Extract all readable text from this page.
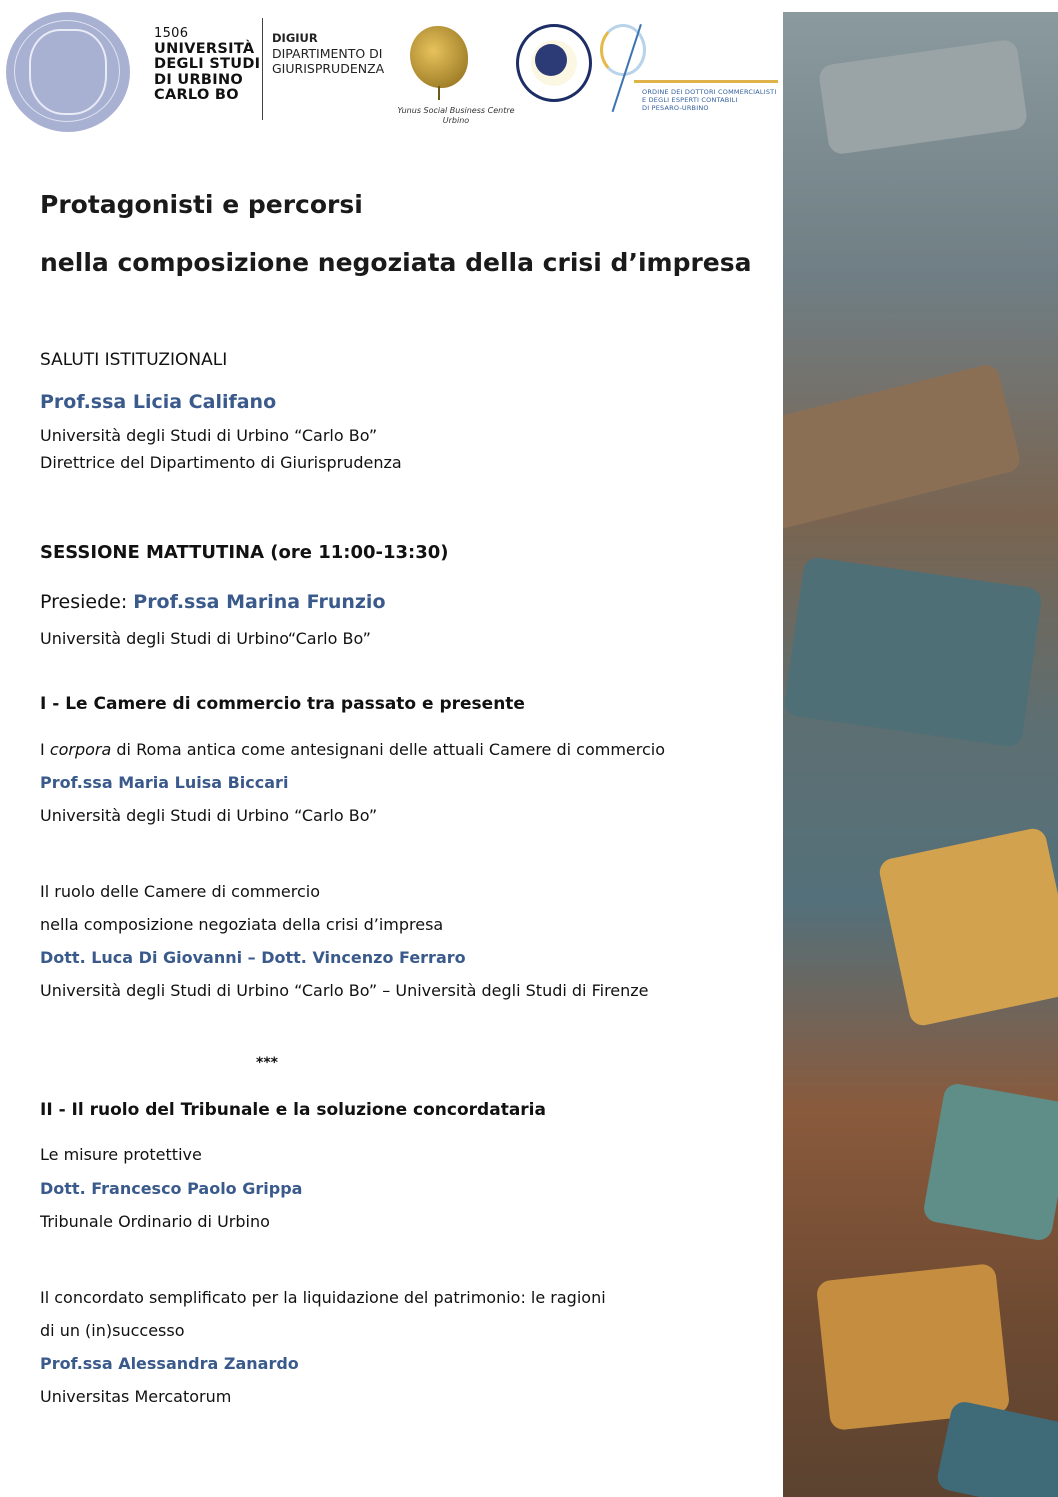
1506
UNIVERSITÀ
DEGLI STUDI
DI URBINO
CARLO BO
DIGIUR
DIPARTIMENTO DI
GIURISPRUDENZA
Yunus Social Business Centre
Urbino
ORDINE DEI DOTTORI COMMERCIALISTI
E DEGLI ESPERTI CONTABILI
DI PESARO-URBINO
Protagonisti e percorsi
nella composizione negoziata della crisi d’impresa
SALUTI ISTITUZIONALI
Prof.ssa Licia Califano
Università degli Studi di Urbino “Carlo Bo”
Direttrice del Dipartimento di Giurisprudenza
SESSIONE MATTUTINA (ore 11:00-13:30)
Presiede: Prof.ssa Marina Frunzio
Università degli Studi di Urbino“Carlo Bo”
I - Le Camere di commercio tra passato e presente
I corpora di Roma antica come antesignani delle attuali Camere di commercio
Prof.ssa Maria Luisa Biccari
Università degli Studi di Urbino “Carlo Bo”
Il ruolo delle Camere di commercio
nella composizione negoziata della crisi d’impresa
Dott. Luca Di Giovanni – Dott. Vincenzo Ferraro
Università degli Studi di Urbino “Carlo Bo” – Università degli Studi di Firenze
***
II - Il ruolo del Tribunale e la soluzione concordataria
Le misure protettive
Dott. Francesco Paolo Grippa
Tribunale Ordinario di Urbino
Il concordato semplificato per la liquidazione del patrimonio: le ragioni
di un (in)successo
Prof.ssa Alessandra Zanardo
Universitas Mercatorum
